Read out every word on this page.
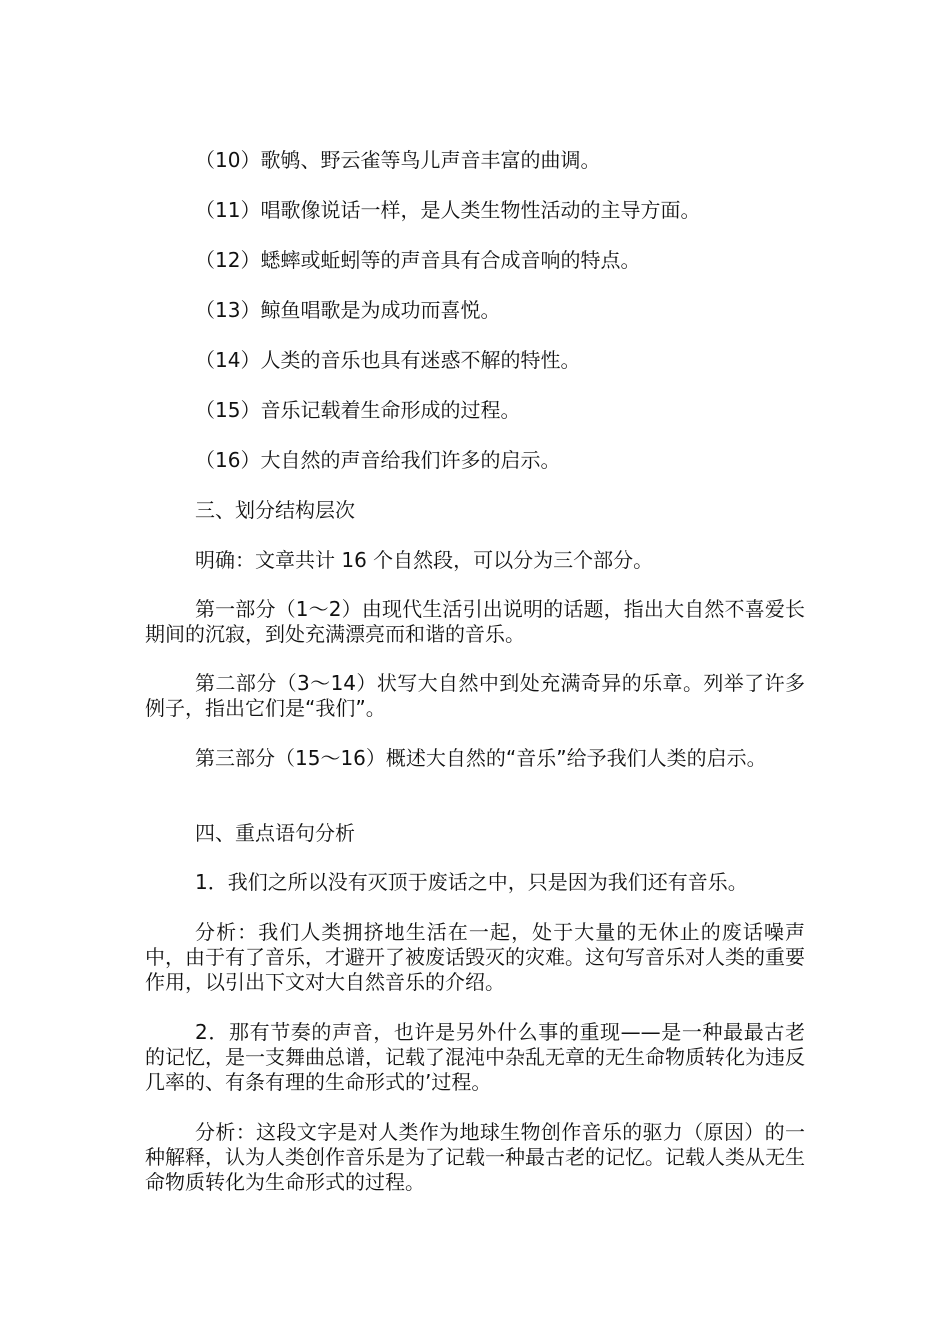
（10）歌鸲、野云雀等鸟儿声音丰富的曲调。
（11）唱歌像说话一样，是人类生物性活动的主导方面。
（12）蟋蟀或蚯蚓等的声音具有合成音响的特点。
（13）鲸鱼唱歌是为成功而喜悦。
（14）人类的音乐也具有迷惑不解的特性。
（15）音乐记载着生命形成的过程。
（16）大自然的声音给我们许多的启示。
三、划分结构层次
明确：文章共计 16 个自然段，可以分为三个部分。
第一部分（1～2）由现代生活引出说明的话题，指出大自然不喜爱长期间的沉寂，到处充满漂亮而和谐的音乐。
第二部分（3～14）状写大自然中到处充满奇异的乐章。列举了许多例子，指出它们是“我们”。
第三部分（15～16）概述大自然的“音乐”给予我们人类的启示。
四、重点语句分析
1．我们之所以没有灭顶于废话之中，只是因为我们还有音乐。
分析：我们人类拥挤地生活在一起，处于大量的无休止的废话噪声中，由于有了音乐，才避开了被废话毁灭的灾难。这句写音乐对人类的重要作用，以引出下文对大自然音乐的介绍。
2．那有节奏的声音，也许是另外什么事的重现——是一种最最古老的记忆，是一支舞曲总谱，记载了混沌中杂乱无章的无生命物质转化为违反几率的、有条有理的生命形式的’过程。
分析：这段文字是对人类作为地球生物创作音乐的驱力（原因）的一种解释，认为人类创作音乐是为了记载一种最古老的记忆。记载人类从无生命物质转化为生命形式的过程。
